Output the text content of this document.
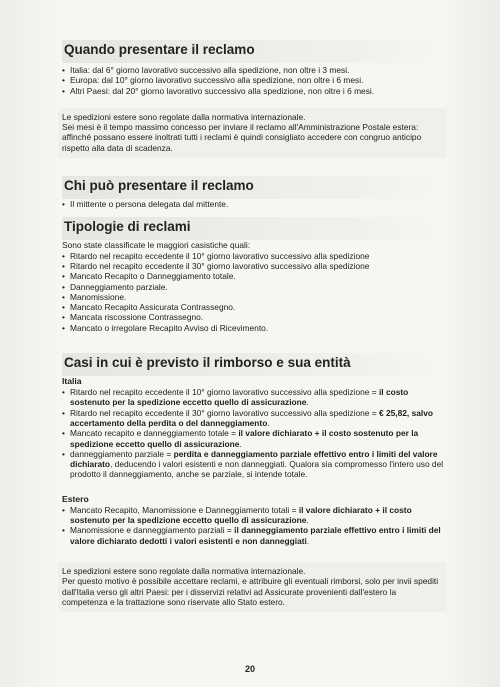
Quando presentare il reclamo
• Italia: dal 6° giorno lavorativo successivo alla spedizione, non oltre i 3 mesi.
• Europa: dal 10° giorno lavorativo successivo alla spedizione, non oltre i 6 mesi.
• Altri Paesi: dal 20° giorno lavorativo successivo alla spedizione, non oltre i 6 mesi.

Le spedizioni estere sono regolate dalla normativa internazionale.

Sei mesi è il tempo massimo concesso per inviare il reclamo all'Amministrazione Postale estera: affinché possano essere inoltrati tutti i reclami è quindi consigliato accedere con congruo anticipo rispetto alla data di scadenza.

Chi può presentare il reclamo
• Il mittente o persona delegata dal mittente.
Tipologie di reclami

Sono state classificate le maggiori casistiche quali:

• Ritardo nel recapito eccedente il 10° giorno lavorativo successivo alla spedizione
• Ritardo nel recapito eccedente il 30° giorno lavorativo successivo alla spedizione
• Mancato Recapito o Danneggiamento totale.
• Danneggiamento parziale.
• Manomissione.
• Mancato Recapito Assicurata Contrassegno.
• Mancata riscossione Contrassegno.
• Mancato o irregolare Recapito Avviso di Ricevimento.
Casi in cui è previsto il rimborso e sua entità
Italia
• Ritardo nel recapito eccedente il 10° giorno lavorativo successivo alla spedizione = il costo sostenuto per la spedizione eccetto quello di assicurazione.
• Ritardo nel recapito eccedente il 30° giorno lavorativo successivo alla spedizione = € 25,82, salvo accertamento della perdita o del danneggiamento.
• Mancato recapito e danneggiamento totale = il valore dichiarato + il costo sostenuto per la spedizione eccetto quello di assicurazione.
• danneggiamento parziale = perdita e danneggiamento parziale effettivo entro i limiti del valore dichiarato, deducendo i valori esistenti e non danneggiati. Qualora sia compromesso l'intero uso del prodotto il danneggiamento, anche se parziale, si intende totale.
Estero
• Mancato Recapito, Manomissione e Danneggiamento totali = il valore dichiarato + il costo sostenuto per la spedizione eccetto quello di assicurazione.
• Manomissione e danneggiamento parziali = il danneggiamento parziale effettivo entro i limiti del valore dichiarato dedotti i valori esistenti e non danneggiati.

Le spedizioni estere sono regolate dalla normativa internazionale.

Per questo motivo è possibile accettare reclami, e attribuire gli eventuali rimborsi, solo per invii spediti dall'Italia verso gli altri Paesi: per i disservizi relativi ad Assicurate provenienti dall'estero la competenza e la trattazione sono riservate allo Stato estero.

20
